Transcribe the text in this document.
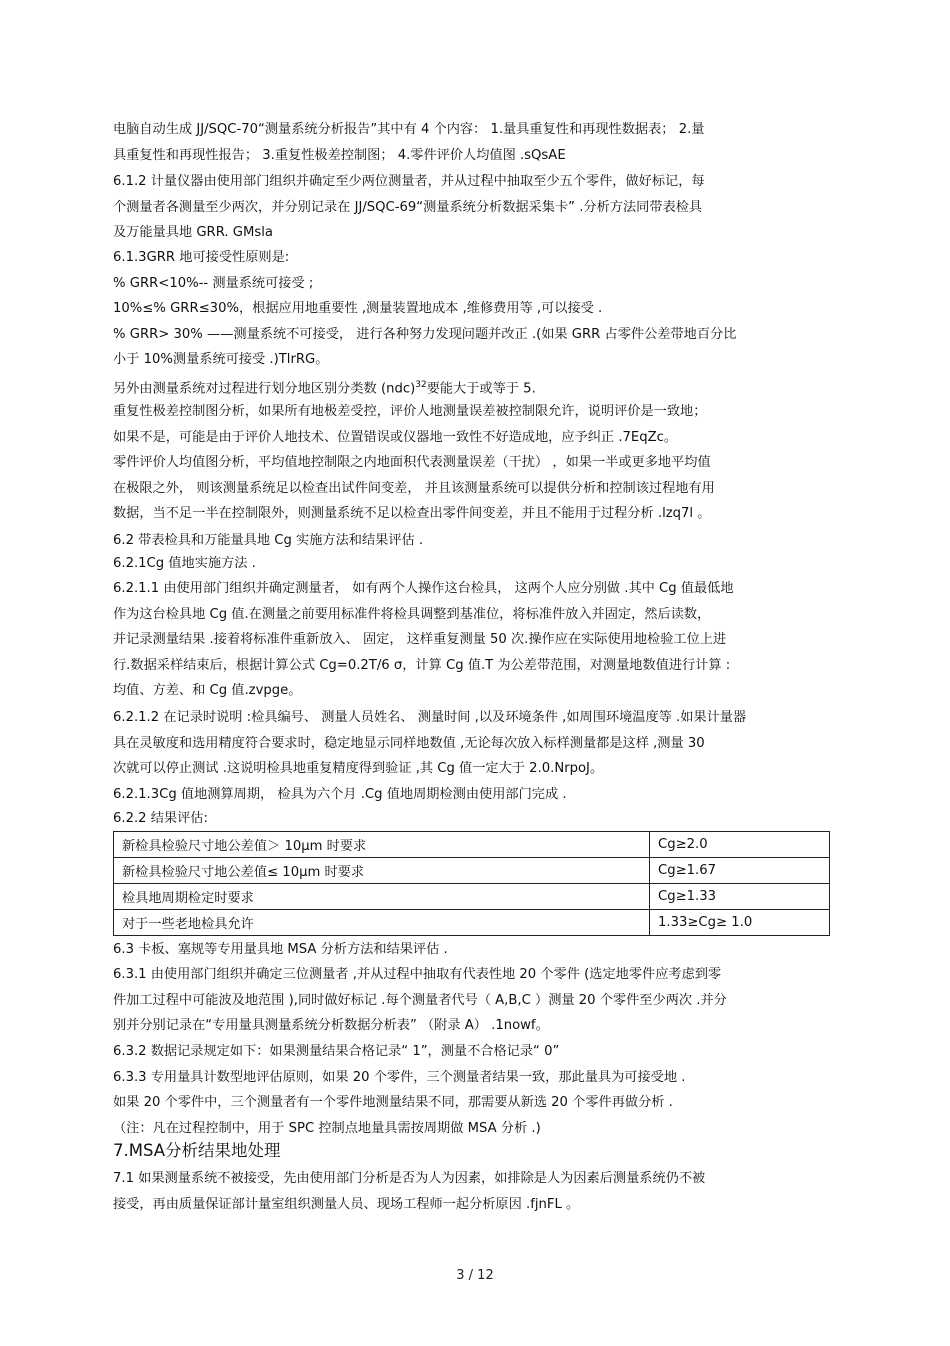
电脑自动生成 JJ/SQC-70“测量系统分析报告”其中有 4 个内容： 1.量具重复性和再现性数据表； 2.量
具重复性和再现性报告； 3.重复性极差控制图； 4.零件评价人均值图 .sQsAE
6.1.2 计量仪器由使用部门组织并确定至少两位测量者，并从过程中抽取至少五个零件，做好标记，每
个测量者各测量至少两次，并分别记录在 JJ/SQC-69“测量系统分析数据采集卡” .分析方法同带表检具
及万能量具地 GRR. GMsla
6.1.3GRR 地可接受性原则是:
% GRR<10%-- 测量系统可接受 ;
10%≤% GRR≤30%，根据应用地重要性 ,测量装置地成本 ,维修费用等 ,可以接受 .
% GRR> 30% ——测量系统不可接受， 进行各种努力发现问题并改正 .(如果 GRR 占零件公差带地百分比
小于 10%测量系统可接受 .)TlrRG。
另外由测量系统对过程进行划分地区别分类数 (ndc)$^{32}$要能大于或等于 5.
重复性极差控制图分析，如果所有地极差受控，评价人地测量误差被控制限允许，说明评价是一致地；
如果不是，可能是由于评价人地技术、位置错误或仪器地一致性不好造成地，应予纠正 .7EqZc。
零件评价人均值图分析，平均值地控制限之内地面积代表测量误差（干扰） ，如果一半或更多地平均值
在极限之外， 则该测量系统足以检查出试件间变差， 并且该测量系统可以提供分析和控制该过程地有用
数据，当不足一半在控制限外，则测量系统不足以检查出零件间变差，并且不能用于过程分析 .lzq7l 。
6.2 带表检具和万能量具地 Cg 实施方法和结果评估 .
6.2.1Cg 值地实施方法 .
6.2.1.1 由使用部门组织并确定测量者， 如有两个人操作这台检具， 这两个人应分别做 .其中 Cg 值最低地
作为这台检具地 Cg 值.在测量之前要用标准件将检具调整到基准位，将标准件放入并固定，然后读数，
并记录测量结果 .接着将标准件重新放入、 固定， 这样重复测量 50 次.操作应在实际使用地检验工位上进
行.数据采样结束后，根据计算公式 Cg=0.2T/6 σ，计算 Cg 值.T 为公差带范围，对测量地数值进行计算 :
均值、方差、和 Cg 值.zvpge。
6.2.1.2 在记录时说明 :检具编号、 测量人员姓名、 测量时间 ,以及环境条件 ,如周围环境温度等 .如果计量器
具在灵敏度和选用精度符合要求时，稳定地显示同样地数值 ,无论每次放入标样测量都是这样 ,测量 30
次就可以停止测试 .这说明检具地重复精度得到验证 ,其 Cg 值一定大于 2.0.NrpoJ。
6.2.1.3Cg 值地测算周期， 检具为六个月 .Cg 值地周期检测由使用部门完成 .
6.2.2 结果评估:
新检具检验尺寸地公差值＞ 10μm 时要求	Cg≥2.0
新检具检验尺寸地公差值≤ 10μm 时要求	Cg≥1.67
检具地周期检定时要求	Cg≥1.33
对于一些老地检具允许	1.33≥Cg≥ 1.0
6.3 卡板、塞规等专用量具地 MSA 分析方法和结果评估 .
6.3.1 由使用部门组织并确定三位测量者 ,并从过程中抽取有代表性地 20 个零件 (选定地零件应考虑到零
件加工过程中可能波及地范围 ),同时做好标记 .每个测量者代号（ A,B,C ）测量 20 个零件至少两次 .并分
别并分别记录在“专用量具测量系统分析数据分析表” （附录 A） .1nowf。
6.3.2 数据记录规定如下：如果测量结果合格记录“ 1”，测量不合格记录“ 0”
6.3.3 专用量具计数型地评估原则，如果 20 个零件，三个测量者结果一致，那此量具为可接受地 .
如果 20 个零件中，三个测量者有一个零件地测量结果不同，那需要从新选 20 个零件再做分析 .
（注：凡在过程控制中，用于 SPC 控制点地量具需按周期做 MSA 分析 .)
7.MSA分析结果地处理
7.1 如果测量系统不被接受，先由使用部门分析是否为人为因素，如排除是人为因素后测量系统仍不被
接受，再由质量保证部计量室组织测量人员、现场工程师一起分析原因 .fjnFL 。
3 / 12
